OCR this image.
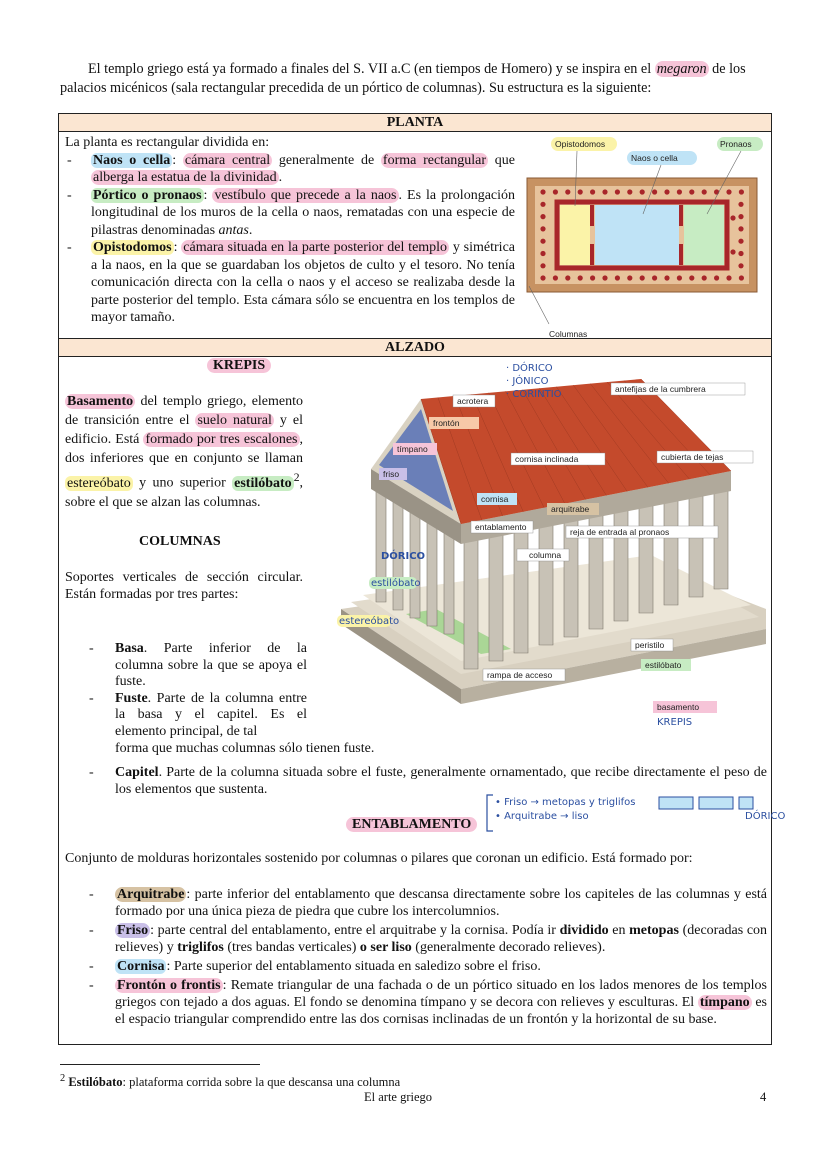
El templo griego está ya formado a finales del S. VII a.C (en tiempos de Homero) y se inspira en el megaron de los palacios micénicos (sala rectangular precedida de un pórtico de columnas). Su estructura es la siguiente:

PLANTA
La planta es rectangular dividida en:
- Naos o cella : cámara central generalmente de forma rectangular que alberga la estatua de la divinidad .
- Pórtico o pronaos : vestíbulo que precede a la naos . Es la prolongación longitudinal de los muros de la cella o naos, rematadas con una especie de pilastras denominadas antas.
- Opistodomos : cámara situada en la parte posterior del templo y simétrica a la naos, en la que se guardaban los objetos de culto y el tesoro. No tenía comunicación directa con la cella o naos y el acceso se realizaba desde la parte posterior del templo. Esta cámara sólo se encuentra en los templos de mayor tamaño.
Opistodomos
Naos o cella
Pronaos
Columnas
ALZADO
KREPIS
Basamento del templo griego, elemento de transición entre el suelo natural y el edificio. Está formado por tres escalones , dos inferiores que en conjunto se llaman estereóbato y uno superior estilóbato $^2$, sobre el que se alzan las columnas.
COLUMNAS
Soportes verticales de sección circular. Están formadas por tres partes:
- Basa. Parte inferior de la columna sobre la que se apoya el fuste.
- Fuste. Parte de la columna entre la basa y el capitel. Es el elemento principal, de tal
forma que muchas columnas sólo tienen fuste.
- Capitel. Parte de la columna situada sobre el fuste, generalmente ornamentado, que recibe directamente el peso de los elementos que sustenta.
· DÓRICO
· JÓNICO
· CORINTIO
acrotera
antefijas de la cumbrera
frontón
tímpano
cornisa inclinada	cubierta de tejas
friso
cornisa
arquitrabe
entablamento	reja de entrada al pronaos
columna
DÓRICO
estilóbato
estereóbato
peristilo
estilóbato
rampa de acceso
basamento
KREPIS
ENTABLAMENTO
• Friso → metopas y triglifos
• Arquitrabe → liso	DÓRICO
Conjunto de molduras horizontales sostenido por columnas o pilares que coronan un edificio. Está formado por:
- Arquitrabe : parte inferior del entablamento que descansa directamente sobre los capiteles de las columnas y está formado por una única pieza de piedra que cubre los intercolumnios.
- Friso : parte central del entablamento, entre el arquitrabe y la cornisa. Podía ir dividido en metopas (decoradas con relieves) y triglifos (tres bandas verticales) o ser liso (generalmente decorado relieves).
- Cornisa : Parte superior del entablamento situada en saledizo sobre el friso.
- Frontón o frontis : Remate triangular de una fachada o de un pórtico situado en los lados menores de los templos griegos con tejado a dos aguas. El fondo se denomina tímpano y se decora con relieves y esculturas. El tímpano es el espacio triangular comprendido entre las dos cornisas inclinadas de un frontón y la horizontal de su base.
$^2$ Estilóbato: plataforma corrida sobre la que descansa una columna
El arte griego	4
